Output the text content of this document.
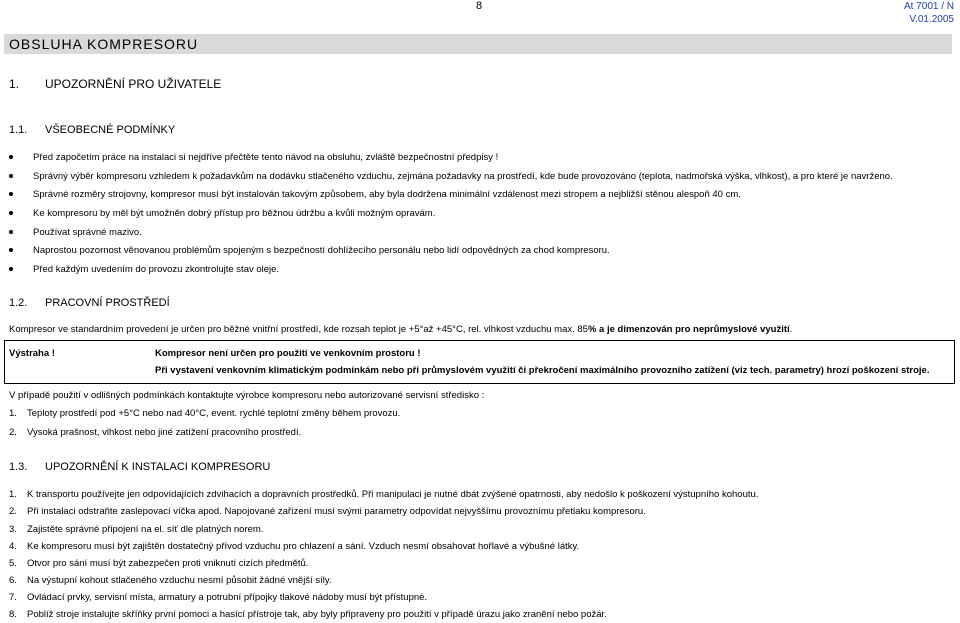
8	At 7001 / N
V.01.2005
OBSLUHA KOMPRESORU
1. UPOZORNĚNÍ PRO UŽIVATELE
1.1. VŠEOBECNÉ PODMÍNKY
Před započetím práce na instalaci si nejdříve přečtěte tento návod na obsluhu, zvláště bezpečnostní předpisy !
Správný výběr kompresoru vzhledem k požadavkům na dodávku stlačeného vzduchu, zejmána požadavky na prostředí, kde bude provozováno (teplota, nadmořská výška, vlhkost), a pro které je navrženo.
Správné rozměry strojovny, kompresor musí být instalován takovým způsobem, aby byla dodržena minimální vzdálenost mezi stropem a nejbližší stěnou alespoň 40 cm.
Ke kompresoru by měl být umožněn dobrý přístup pro běžnou údržbu a kvůli možným opravám.
Používat správné mazivo.
Naprostou pozornost věnovanou problémům spojeným s bezpečností dohlížecího personálu nebo lidí odpovědných za chod kompresoru.
Před každým uvedením do provozu zkontrolujte stav oleje.
1.2. PRACOVNÍ PROSTŘEDÍ
Kompresor ve standardním provedení je určen pro běžné vnitřní prostředí, kde rozsah teplot je +5°až +45°C, rel. vlhkost vzduchu max. 85% a je dimenzován pro neprůmyslové využití.
Výstraha !	Kompresor není určen pro použití ve venkovním prostoru !
Při vystavení venkovním klimatickým podmínkám nebo při průmyslovém využití či překročení maximálního provozního zatížení (viz tech. parametry) hrozí poškození stroje.
V případě použití v odlišných podmínkách kontaktujte výrobce kompresoru nebo autorizované servisní středisko :
1. Teploty prostředí pod +5°C nebo nad 40°C, event. rychlé teplotní změny během provozu.
2. Vysoká prašnost, vlhkost nebo jiné zatížení pracovního prostředí.
1.3. UPOZORNĚNÍ K INSTALACI KOMPRESORU
1. K transportu používejte jen odpovídajících zdvihacích a dopravních prostředků. Při manipulaci je nutné dbát zvýšené opatrnosti, aby nedošlo k poškození výstupního kohoutu.
2. Při instalaci odstraňte zaslepovací víčka apod. Napojované zařízení musí svými parametry odpovídat nejvyššímu provoznímu přetlaku kompresoru.
3. Zajistěte správné připojení na el. síť dle platných norem.
4. Ke kompresoru musí být zajištěn dostatečný přívod vzduchu pro chlazení a sání. Vzduch nesmí obsahovat hořlavé a výbušné látky.
5. Otvor pro sání musí být zabezpečen proti vniknutí cizích předmětů.
6. Na výstupní kohout stlačeného vzduchu nesmí působit žádné vnější síly.
7. Ovládací prvky, servisní místa, armatury a potrubní přípojky tlakové nádoby musí být přístupné.
8. Poblíž stroje instalujte skříňky první pomoci a hasící přístroje tak, aby byly připraveny pro použití v případě úrazu jako zranění nebo požár.
